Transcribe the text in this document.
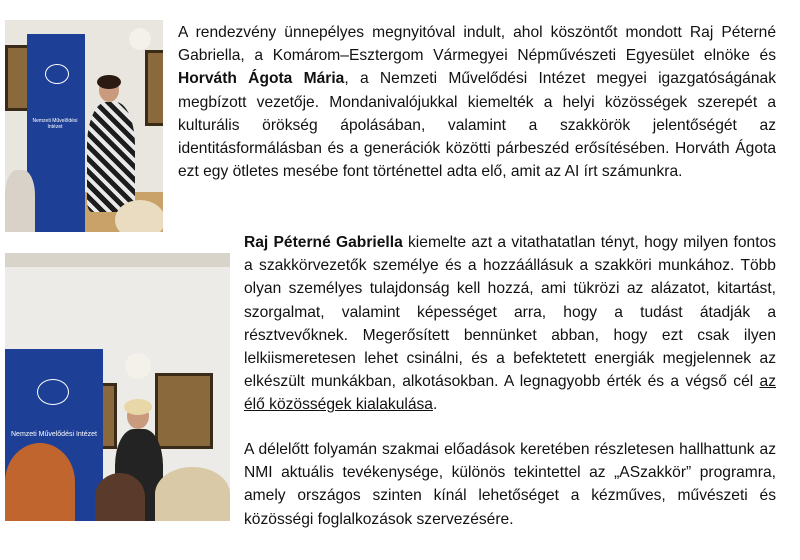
Nemzeti Művelődési Intézet
Nemzeti Művelődési Intézet

A rendezvény ünnepélyes megnyitóval indult, ahol köszöntőt mondott Raj Péterné Gabriella, a Komárom–Esztergom Vármegyei Népművészeti Egyesület elnöke és Horváth Ágota Mária, a Nemzeti Művelődési Intézet megyei igazgatóságának megbízott vezetője. Mondanivalójukkal kiemelték a helyi közösségek szerepét a kulturális örökség ápolásában, valamint a szakkörök jelentőségét az identitásformálásban és a generációk közötti párbeszéd erősítésében. Horváth Ágota ezt egy ötletes mesébe font történettel adta elő, amit az AI írt számunkra.

Raj Péterné Gabriella kiemelte azt a vitathatatlan tényt, hogy milyen fontos a szakkörvezetők személye és a hozzáállásuk a szakköri munkához. Több olyan személyes tulajdonság kell hozzá, ami tükrözi az alázatot, kitartást, szorgalmat, valamint képességet arra, hogy a tudást átadják a résztvevőknek. Megerősített bennünket abban, hogy ezt csak ilyen lelkiismeretesen lehet csinálni, és a befektetett energiák megjelennek az elkészült munkákban, alkotásokban. A legnagyobb érték és a végső cél az élő közösségek kialakulása.

A délelőtt folyamán szakmai előadások keretében részletesen hallhattunk az NMI aktuális tevékenysége, különös tekintettel az „ASzakkör” programra, amely országos szinten kínál lehetőséget a kézműves, művészeti és közösségi foglalkozások szervezésére.
